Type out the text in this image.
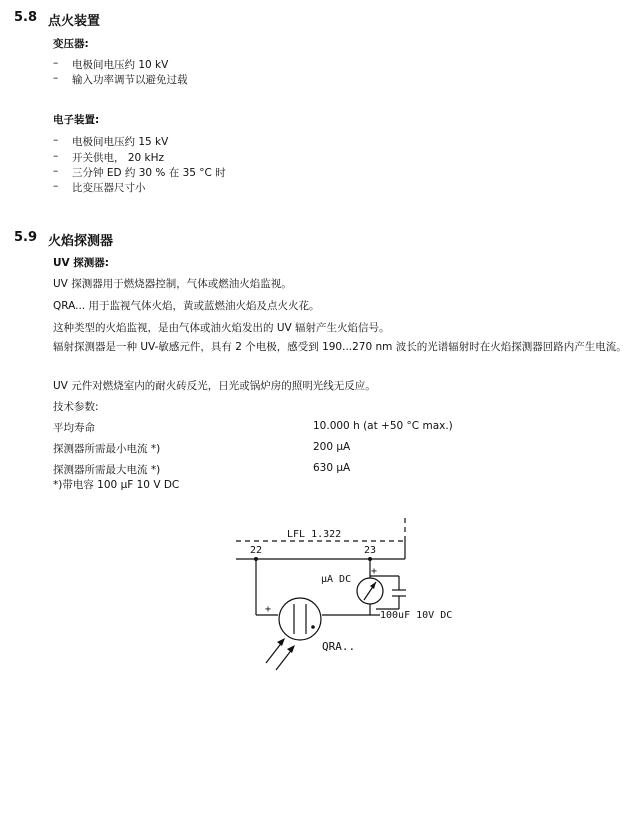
5.8 点火装置
变压器:
– 电极间电压约 10 kV
– 输入功率调节以避免过载
电子装置:
– 电极间电压约 15 kV
– 开关供电， 20 kHz
– 三分钟 ED 约 30 % 在 35 °C 时
– 比变压器尺寸小
5.9 火焰探测器
UV 探测器:
UV 探测器用于燃烧器控制，气体或燃油火焰监视。
QRA... 用于监视气体火焰，黄或蓝燃油火焰及点火火花。
这种类型的火焰监视，是由气体或油火焰发出的 UV 辐射产生火焰信号。
辐射探测器是一种 UV-敏感元件，具有 2 个电极，感受到 190...270 nm 波长的光谱辐射时在火焰探测器回路内产生电流。
UV 元件对燃烧室内的耐火砖反光，日光或锅炉房的照明光线无反应。
技术参数:
平均寿命	10.000 h (at +50 °C max.)
探测器所需最小电流 *)	200 μA
探测器所需最大电流 *)	630 μA
*)带电容 100 μF 10 V DC
LFL 1.322
22	23
μA DC
+
+
100uF 10V DC
QRA..
